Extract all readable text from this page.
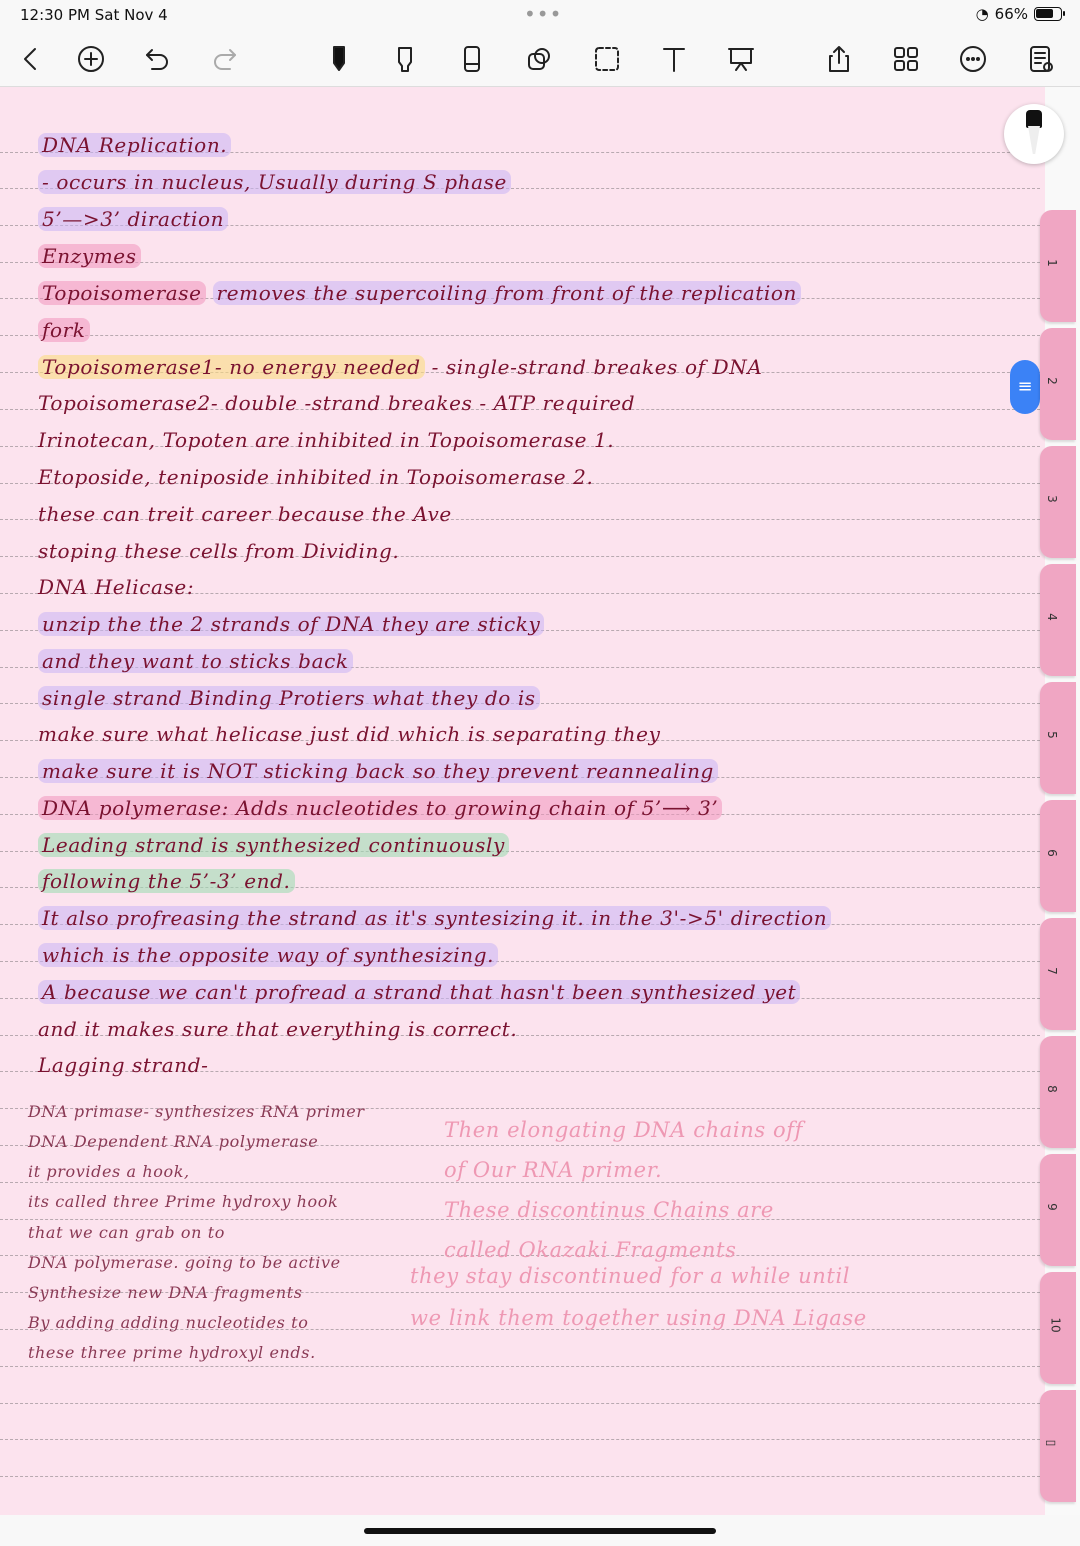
12:30 PM Sat Nov 4	•••	◔ 66%
DNA Replication.
- occurs in nucleus, Usually during S phase
5’—>3’ diraction
Enzymes
Topoisomerase removes the supercoiling from front of the replication
fork
Topoisomerase1- no energy needed - single-strand breakes of DNA
Topoisomerase2- double -strand breakes - ATP required
Irinotecan, Topoten are inhibited in Topoisomerase 1.
Etoposide, teniposide inhibited in Topoisomerase 2.
these can treit career because the Ave
stoping these cells from Dividing.
DNA Helicase:
unzip the the 2 strands of DNA they are sticky
and they want to sticks back
single strand Binding Protiers what they do is
make sure what helicase just did which is separating they
make sure it is NOT sticking back so they prevent reannealing
DNA polymerase: Adds nucleotides to growing chain of 5’⟶ 3’
Leading strand is synthesized continuously
following the 5’-3’ end.
It also profreasing the strand as it's syntesizing it. in the 3'->5' direction
which is the opposite way of synthesizing.
A because we can't profread a strand that hasn't been synthesized yet
and it makes sure that everything is correct.
Lagging strand-
DNA primase- synthesizes RNA primer
DNA Dependent RNA polymerase
it provides a hook,
its called three Prime hydroxy hook
that we can grab on to
DNA polymerase. going to be active
Synthesize new DNA fragments
By adding adding nucleotides to
these three prime hydroxyl ends.
Then elongating DNA chains off
of Our RNA primer.
These discontinus Chains are
called Okazaki Fragments
they stay discontinued for a while until
we link them together using DNA Ligase
≡
1
2
3
4
5
6
7
8
9
10
▯
